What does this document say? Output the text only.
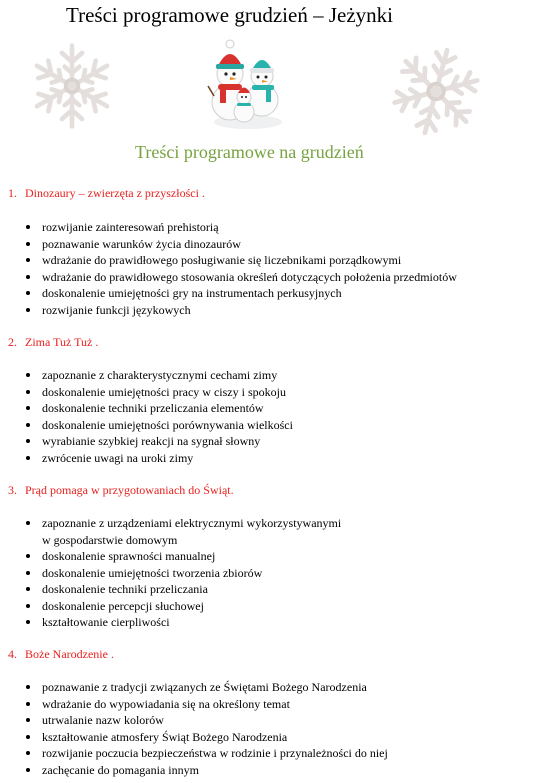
Treści programowe grudzień – Jeżynki
Treści programowe na grudzień
1. Dinozaury – zwierzęta z przyszłości .
rozwijanie zainteresowań prehistorią
poznawanie warunków życia dinozaurów
wdrażanie do prawidłowego posługiwanie się liczebnikami porządkowymi
wdrażanie do prawidłowego stosowania określeń dotyczących położenia przedmiotów
doskonalenie umiejętności gry na instrumentach perkusyjnych
rozwijanie funkcji językowych
2. Zima Tuż Tuż .
zapoznanie z charakterystycznymi cechami zimy
doskonalenie umiejętności pracy w ciszy i spokoju
doskonalenie techniki przeliczania elementów
doskonalenie umiejętności porównywania wielkości
wyrabianie szybkiej reakcji na sygnał słowny
zwrócenie uwagi na uroki zimy
3. Prąd pomaga w przygotowaniach do Świąt.
zapoznanie z urządzeniami elektrycznymi wykorzystywanymi
w gospodarstwie domowym
doskonalenie sprawności manualnej
doskonalenie umiejętności tworzenia zbiorów
doskonalenie techniki przeliczania
doskonalenie percepcji słuchowej
kształtowanie cierpliwości
4. Boże Narodzenie .
poznawanie z tradycji związanych ze Świętami Bożego Narodzenia
wdrażanie do wypowiadania się na określony temat
utrwalanie nazw kolorów
kształtowanie atmosfery Świąt Bożego Narodzenia
rozwijanie poczucia bezpieczeństwa w rodzinie i przynależności do niej
zachęcanie do pomagania innym
